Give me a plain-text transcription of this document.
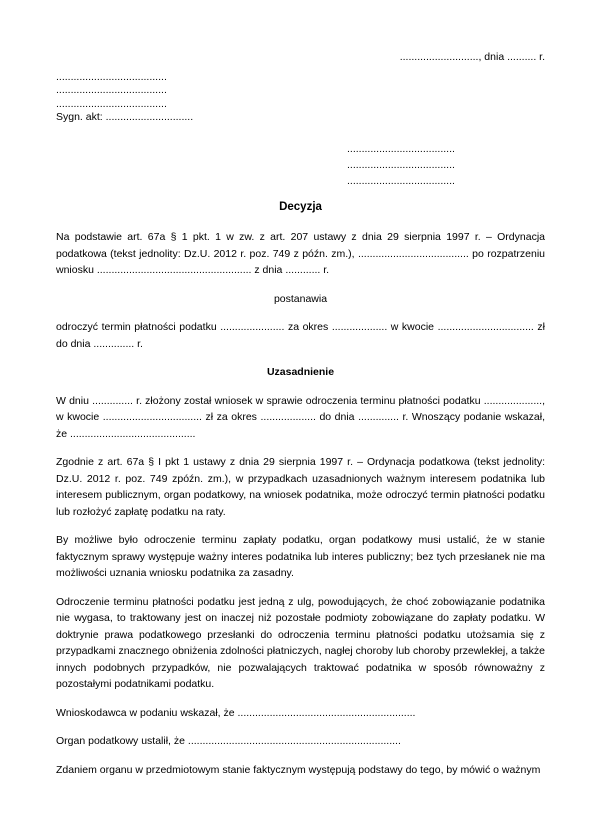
..........................., dnia .......... r.
......................................
......................................
......................................
Sygn. akt: ..............................
.....................................
.....................................
.....................................
Decyzja

Na podstawie art. 67a § 1 pkt. 1 w zw. z art. 207 ustawy z dnia 29 sierpnia 1997 r. – Ordynacja podatkowa (tekst jednolity: Dz.U. 2012 r. poz. 749 z późn. zm.), ...................................... po rozpatrzeniu wniosku ..................................................... z dnia ............ r.

postanawia

odroczyć termin płatności podatku ...................... za okres ................... w kwocie ................................. zł do dnia .............. r.

Uzasadnienie

W dniu .............. r. złożony został wniosek w sprawie odroczenia terminu płatności podatku ...................., w kwocie .................................. zł za okres ................... do dnia .............. r. Wnoszący podanie wskazał, że ...........................................

Zgodnie z art. 67a § I pkt 1 ustawy z dnia 29 sierpnia 1997 r. – Ordynacja podatkowa (tekst jednolity: Dz.U. 2012 r. poz. 749 zpóźn. zm.), w przypadkach uzasadnionych ważnym interesem podatnika lub interesem publicznym, organ podatkowy, na wniosek podatnika, może odroczyć termin płatności podatku lub rozłożyć zapłatę podatku na raty.

By możliwe było odroczenie terminu zapłaty podatku, organ podatkowy musi ustalić, że w stanie faktycznym sprawy występuje ważny interes podatnika lub interes publiczny; bez tych przesłanek nie ma możliwości uznania wniosku podatnika za zasadny.

Odroczenie terminu płatności podatku jest jedną z ulg, powodujących, że choć zobowiązanie podatnika nie wygasa, to traktowany jest on inaczej niż pozostałe podmioty zobowiązane do zapłaty podatku. W doktrynie prawa podatkowego przesłanki do odroczenia terminu płatności podatku utożsamia się z przypadkami znacznego obniżenia zdolności płatniczych, nagłej choroby lub choroby przewlekłej, a także innych podobnych przypadków, nie pozwalających traktować podatnika w sposób równoważny z pozostałymi podatnikami podatku.

Wnioskodawca w podaniu wskazał, że .............................................................

Organ podatkowy ustalił, że .........................................................................

Zdaniem organu w przedmiotowym stanie faktycznym występują podstawy do tego, by mówić o ważnym
